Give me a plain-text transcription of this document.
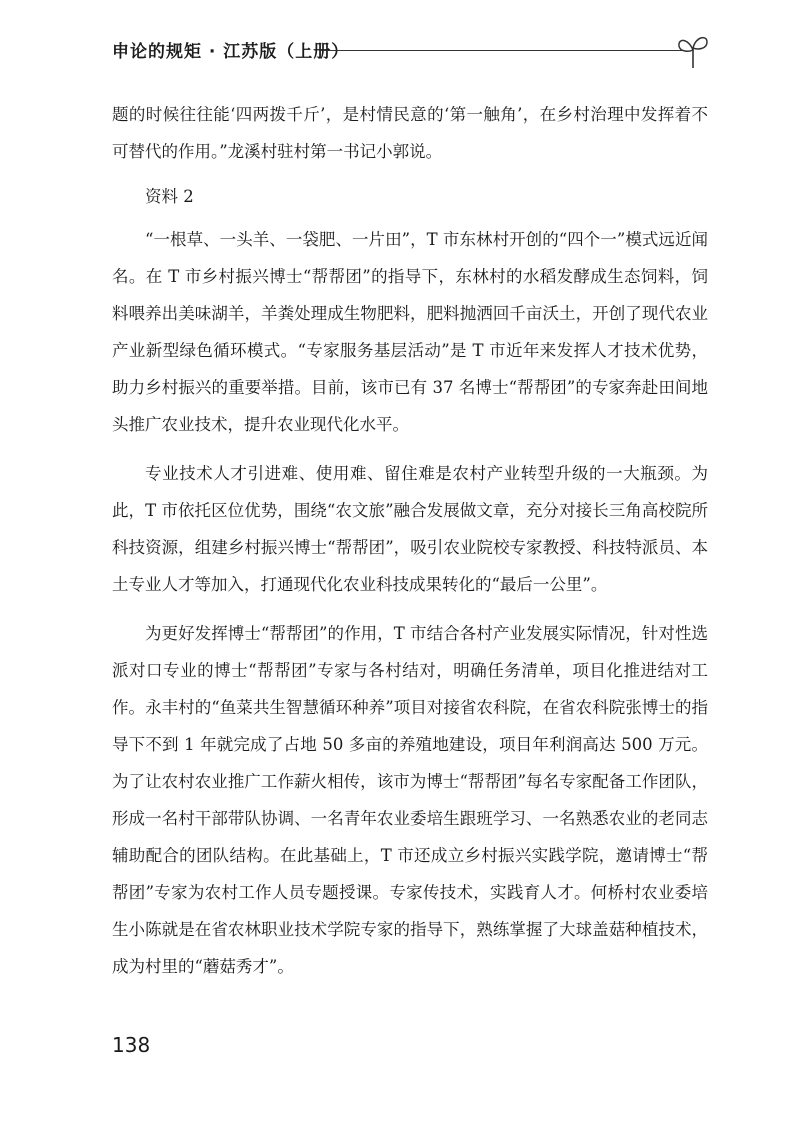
申论的规矩 · 江苏版（上册）

题的时候往往能‘四两拨千斤’，是村情民意的‘第一触角’，在乡村治理中发挥着不可替代的作用。”龙溪村驻村第一书记小郭说。

资料 2

“一根草、一头羊、一袋肥、一片田”，T 市东林村开创的“四个一”模式远近闻名。在 T 市乡村振兴博士“帮帮团”的指导下，东林村的水稻发酵成生态饲料，饲料喂养出美味湖羊，羊粪处理成生物肥料，肥料抛洒回千亩沃土，开创了现代农业产业新型绿色循环模式。“专家服务基层活动”是 T 市近年来发挥人才技术优势，助力乡村振兴的重要举措。目前，该市已有 37 名博士“帮帮团”的专家奔赴田间地头推广农业技术，提升农业现代化水平。

专业技术人才引进难、使用难、留住难是农村产业转型升级的一大瓶颈。为此，T 市依托区位优势，围绕“农文旅”融合发展做文章，充分对接长三角高校院所科技资源，组建乡村振兴博士“帮帮团”，吸引农业院校专家教授、科技特派员、本土专业人才等加入，打通现代化农业科技成果转化的“最后一公里”。

为更好发挥博士“帮帮团”的作用，T 市结合各村产业发展实际情况，针对性选派对口专业的博士“帮帮团”专家与各村结对，明确任务清单，项目化推进结对工作。永丰村的“鱼菜共生智慧循环种养”项目对接省农科院，在省农科院张博士的指导下不到 1 年就完成了占地 50 多亩的养殖地建设，项目年利润高达 500 万元。为了让农村农业推广工作薪火相传，该市为博士“帮帮团”每名专家配备工作团队，形成一名村干部带队协调、一名青年农业委培生跟班学习、一名熟悉农业的老同志辅助配合的团队结构。在此基础上，T 市还成立乡村振兴实践学院，邀请博士“帮帮团”专家为农村工作人员专题授课。专家传技术，实践育人才。何桥村农业委培生小陈就是在省农林职业技术学院专家的指导下，熟练掌握了大球盖菇种植技术，成为村里的“蘑菇秀才”。

138
